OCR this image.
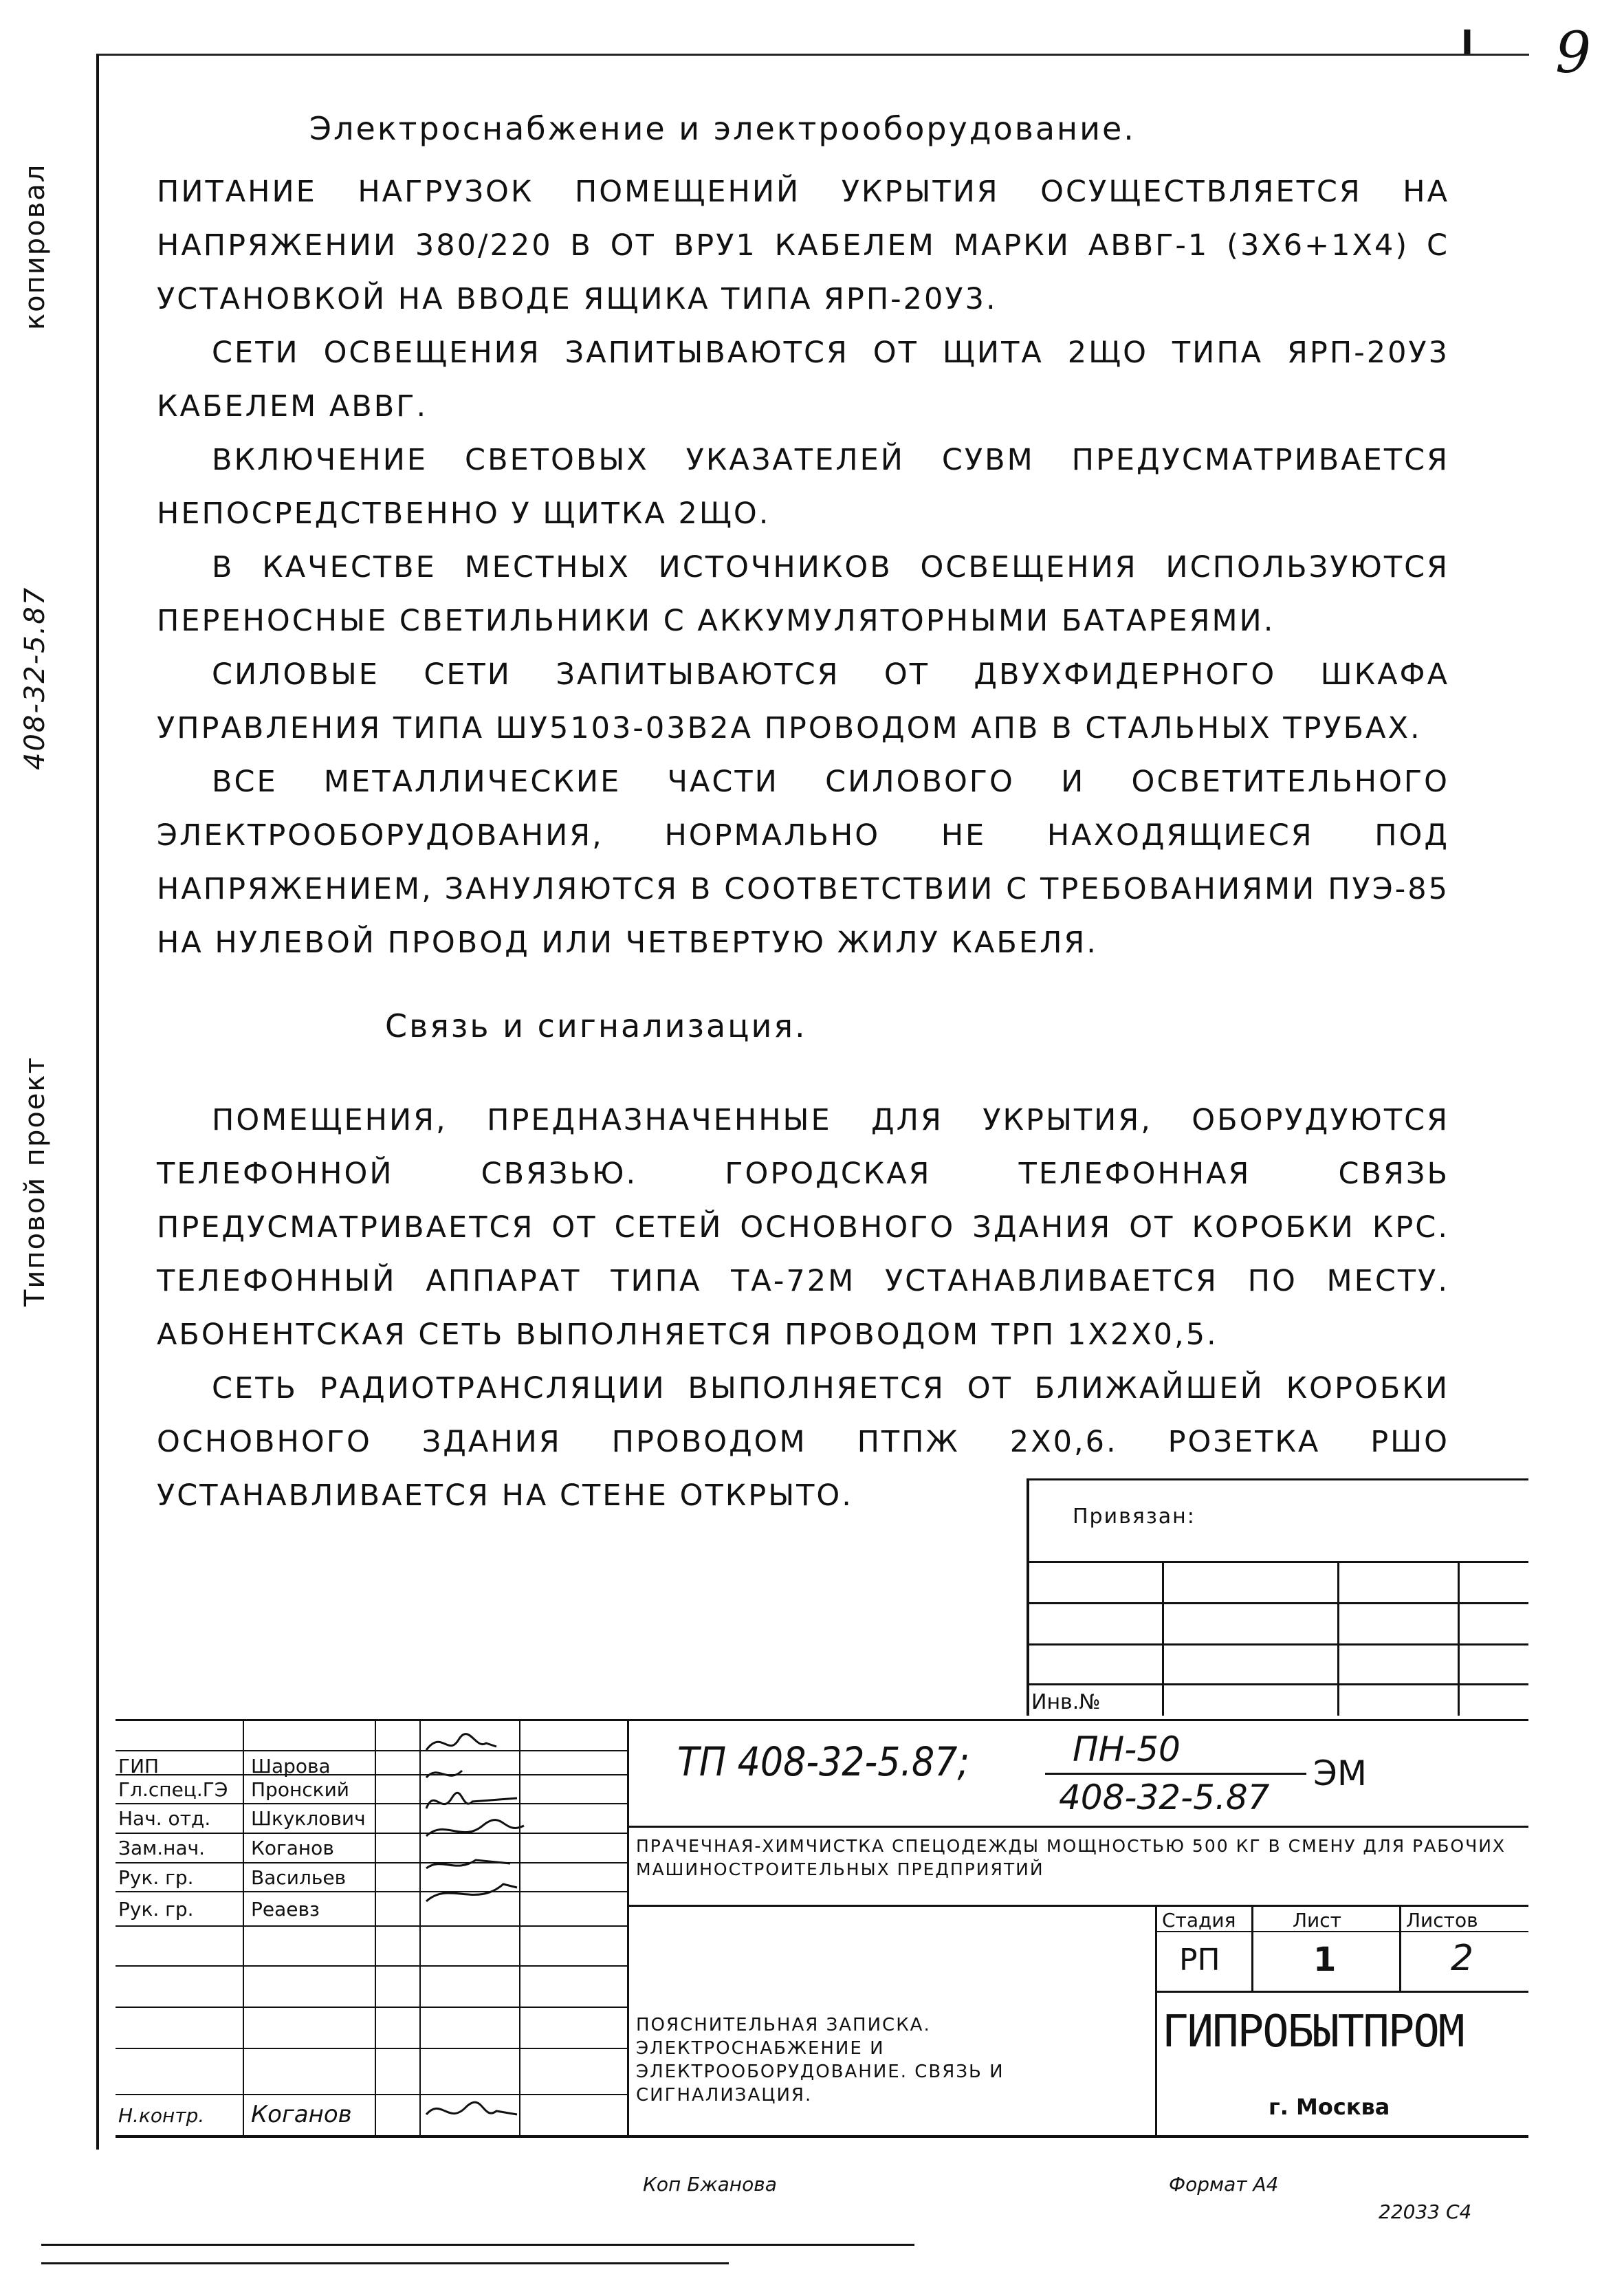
9
I
копировал
408-32-5.87
Типовой проект
Электроснабжение и электрооборудование.

ПИТАНИЕ НАГРУЗОК ПОМЕЩЕНИЙ УКРЫТИЯ ОСУЩЕСТВЛЯЕТСЯ НА НАПРЯЖЕНИИ 380/220 В ОТ ВРУ1 КАБЕЛЕМ МАРКИ АВВГ-1 (3Х6+1Х4) С УСТАНОВКОЙ НА ВВОДЕ ЯЩИКА ТИПА ЯРП-20У3.

СЕТИ ОСВЕЩЕНИЯ ЗАПИТЫВАЮТСЯ ОТ ЩИТА 2ЩО ТИПА ЯРП-20У3 КАБЕЛЕМ АВВГ.

ВКЛЮЧЕНИЕ СВЕТОВЫХ УКАЗАТЕЛЕЙ СУВМ ПРЕДУСМАТРИВАЕТСЯ НЕПОСРЕДСТВЕННО У ЩИТКА 2ЩО.

В КАЧЕСТВЕ МЕСТНЫХ ИСТОЧНИКОВ ОСВЕЩЕНИЯ ИСПОЛЬЗУЮТСЯ ПЕРЕНОСНЫЕ СВЕТИЛЬНИКИ С АККУМУЛЯТОРНЫМИ БАТАРЕЯМИ.

СИЛОВЫЕ СЕТИ ЗАПИТЫВАЮТСЯ ОТ ДВУХФИДЕРНОГО ШКАФА УПРАВЛЕНИЯ ТИПА ШУ5103-03В2А ПРОВОДОМ АПВ В СТАЛЬНЫХ ТРУБАХ.

ВСЕ МЕТАЛЛИЧЕСКИЕ ЧАСТИ СИЛОВОГО И ОСВЕТИТЕЛЬНОГО ЭЛЕКТРООБОРУДОВАНИЯ, НОРМАЛЬНО НЕ НАХОДЯЩИЕСЯ ПОД НАПРЯЖЕНИЕМ, ЗАНУЛЯЮТСЯ В СООТВЕТСТВИИ С ТРЕБОВАНИЯМИ ПУЭ-85 НА НУЛЕВОЙ ПРОВОД ИЛИ ЧЕТВЕРТУЮ ЖИЛУ КАБЕЛЯ.

Связь и сигнализация.

ПОМЕЩЕНИЯ, ПРЕДНАЗНАЧЕННЫЕ ДЛЯ УКРЫТИЯ, ОБОРУДУЮТСЯ ТЕЛЕФОННОЙ СВЯЗЬЮ. ГОРОДСКАЯ ТЕЛЕФОННАЯ СВЯЗЬ ПРЕДУСМАТРИВАЕТСЯ ОТ СЕТЕЙ ОСНОВНОГО ЗДАНИЯ ОТ КОРОБКИ КРС. ТЕЛЕФОННЫЙ АППАРАТ ТИПА ТА-72М УСТАНАВЛИВАЕТСЯ ПО МЕСТУ. АБОНЕНТСКАЯ СЕТЬ ВЫПОЛНЯЕТСЯ ПРОВОДОМ ТРП 1Х2Х0,5.

СЕТЬ РАДИОТРАНСЛЯЦИИ ВЫПОЛНЯЕТСЯ ОТ БЛИЖАЙШЕЙ КОРОБКИ ОСНОВНОГО ЗДАНИЯ ПРОВОДОМ ПТПЖ 2Х0,6. РОЗЕТКА РШО УСТАНАВЛИВАЕТСЯ НА СТЕНЕ ОТКРЫТО.

Привязан:
Инв.№
ГИП	Шарова
Гл.спец.ГЭ Пронский
Нач. отд. Шкуклович
Зам.нач. Коганов
Рук. гр.	Васильев
Рук. гр.	Реаевз
Н.контр. Коганов
ТП 408-32-5.87;	ПН-50
408-32-5.87
ЭМ
ПРАЧЕЧНАЯ-ХИМЧИСТКА СПЕЦОДЕЖДЫ МОЩНОСТЬЮ 500 КГ В СМЕНУ ДЛЯ РАБОЧИХ МАШИНОСТРОИТЕЛЬНЫХ ПРЕДПРИЯТИЙ
Стадия	Лист	Листов
РП	1	2
ПОЯСНИТЕЛЬНАЯ ЗАПИСКА. ЭЛЕКТРОСНАБЖЕНИЕ И ЭЛЕКТРООБОРУДОВАНИЕ. СВЯЗЬ И СИГНАЛИЗАЦИЯ.
ГИПРОБЫТПРОМ
г. Москва
Коп Бжанова	Формат А4
22033 С4
